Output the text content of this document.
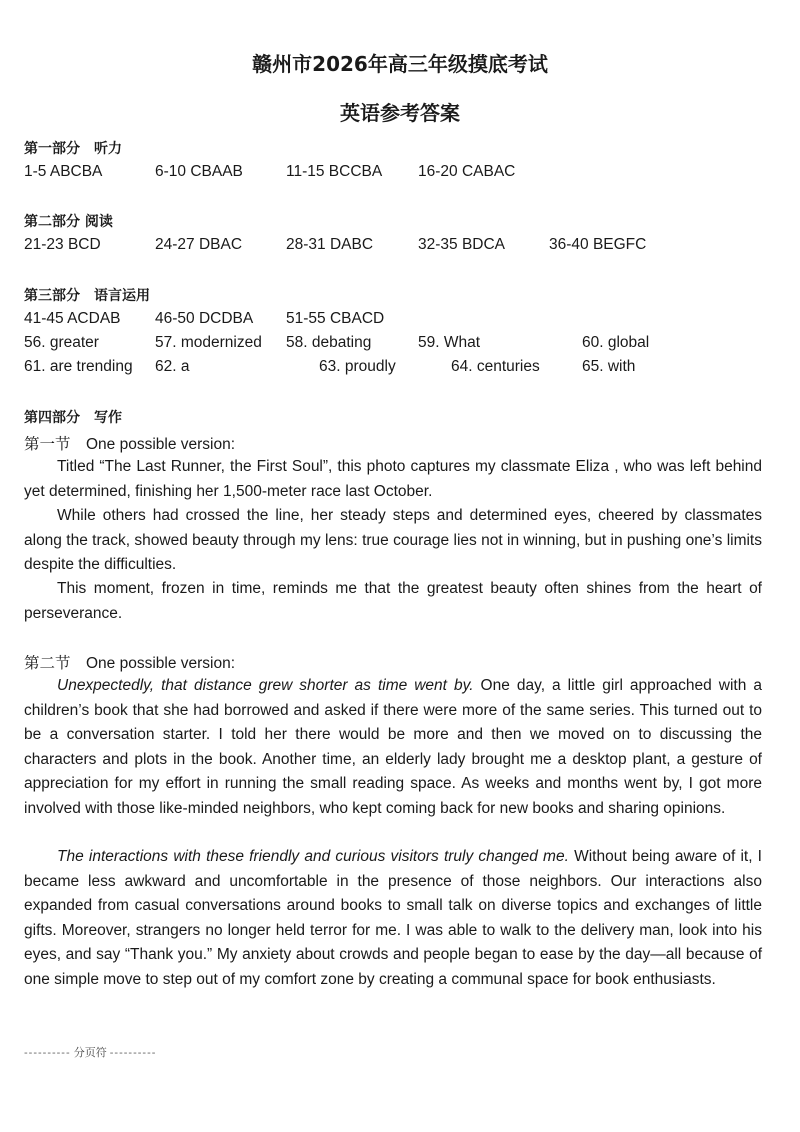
赣州市2026年高三年级摸底考试
英语参考答案
第一部分　听力
1-5 ABCBA	6-10 CBAAB	11-15 BCCBA 16-20 CABAC
第二部分 阅读
21-23 BCD	24-27 DBAC	28-31 DABC	32-35 BDCA	36-40 BEGFC
第三部分　语言运用
41-45 ACDAB 46-50 DCDBA 51-55 CBACD
56. greater	57. modernized 58. debating	59. What	60. global
61. are trending 62. a	63. proudly	64. centuries	65. with
第四部分　写作
第一节　One possible version:

Titled “The Last Runner, the First Soul”, this photo captures my classmate Eliza , who was left behind yet determined, finishing her 1,500-meter race last October.

While others had crossed the line, her steady steps and determined eyes, cheered by classmates along the track, showed beauty through my lens: true courage lies not in winning, but in pushing one’s limits despite the difficulties.

This moment, frozen in time, reminds me that the greatest beauty often shines from the heart of perseverance.

第二节　One possible version:

Unexpectedly, that distance grew shorter as time went by. One day, a little girl approached with a children’s book that she had borrowed and asked if there were more of the same series. This turned out to be a conversation starter. I told her there would be more and then we moved on to discussing the characters and plots in the book. Another time, an elderly lady brought me a desktop plant, a gesture of appreciation for my effort in running the small reading space. As weeks and months went by, I got more involved with those like-minded neighbors, who kept coming back for new books and sharing opinions.

The interactions with these friendly and curious visitors truly changed me. Without being aware of it, I became less awkward and uncomfortable in the presence of those neighbors. Our interactions also expanded from casual conversations around books to small talk on diverse topics and exchanges of little gifts. Moreover, strangers no longer held terror for me. I was able to walk to the delivery man, look into his eyes, and say “Thank you.” My anxiety about crowds and people began to ease by the day—all because of one simple move to step out of my comfort zone by creating a communal space for book enthusiasts.

---------- 分页符 ----------
